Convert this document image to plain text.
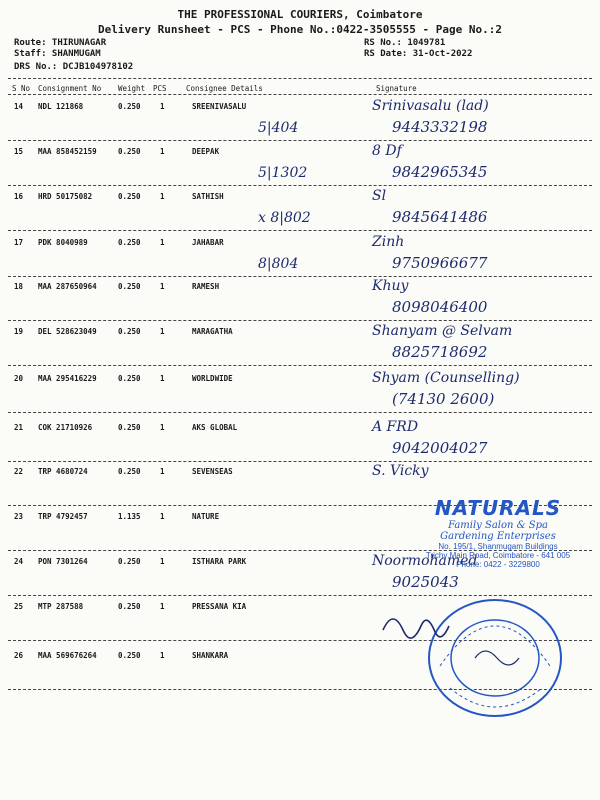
THE PROFESSIONAL COURIERS, Coimbatore
Delivery Runsheet - PCS - Phone No.:0422-3505555 - Page No.:2
Route: THIRUNAGAR
Staff: SHANMUGAM
DRS No.: DCJB104978102
RS No.: 1049781
RS Date: 31-Oct-2022
S No Consignment No Weight PCS	Consignee Details	Signature
14 NDL 121868	0.250	1	SREENIVASALU
5|404
Srinivasalu (lad)
9443332198
15 MAA 858452159	0.250	1	DEEPAK
5|1302
8 Df
9842965345
16 HRD 50175082	0.250	1	SATHISH
x 8|802
Sl
9845641486
17 PDK 8040989	0.250	1	JAHABAR
8|804
Zinh
9750966677
18 MAA 287650964	0.250	1	RAMESH	Khuy
8098046400
19 DEL 528623049	0.250	1	MARAGATHA	Shanyam @ Selvam
8825718692
20 MAA 295416229	0.250	1	WORLDWIDE	Shyam (Counselling)
(74130 2600)
21 COK 21710926	0.250	1	AKS GLOBAL	A FRD
9042004027
22 TRP 4680724	0.250	1	SEVENSEAS	S. Vicky
23 TRP 4792457	1.135	1	NATURE
24 PON 7301264	0.250	1	ISTHARA PARK	Noormohamed
9025043
25 MTP 287588	0.250	1	PRESSANA KIA
26 MAA 569676264	0.250	1	SHANKARA
NATURALS
Family Salon & Spa
Gardening Enterprises
No. 195/1, Shanmugam Buildings
Trichy Main Road, Coimbatore - 641 005
Phone: 0422 - 3229800
